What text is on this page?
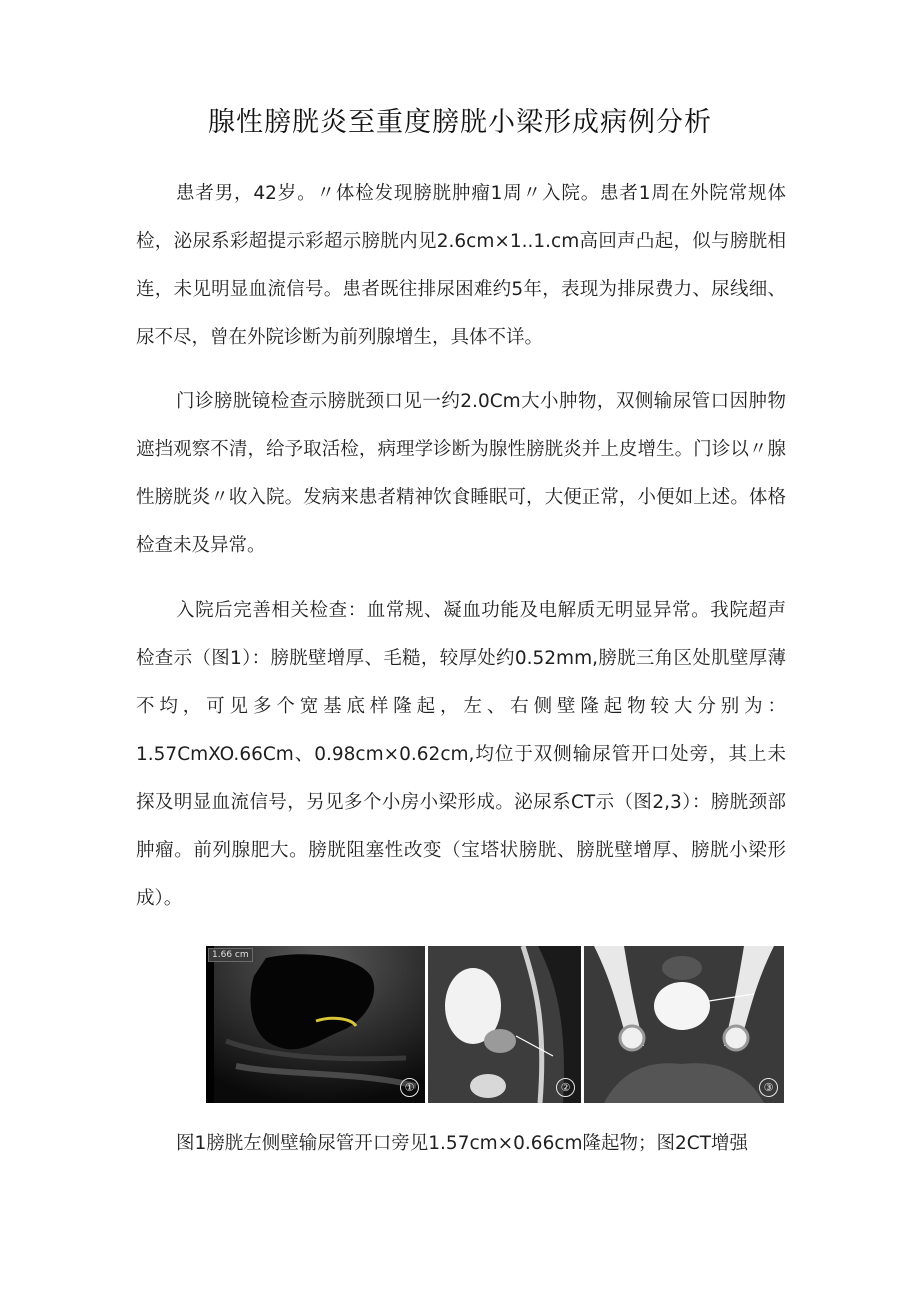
腺性膀胱炎至重度膀胱小梁形成病例分析

患者男，42岁。〃体检发现膀胱肿瘤1周〃入院。患者1周在外院常规体检，泌尿系彩超提示彩超示膀胱内见2.6cm×1..1.cm高回声凸起，似与膀胱相连，未见明显血流信号。患者既往排尿困难约5年，表现为排尿费力、尿线细、尿不尽，曾在外院诊断为前列腺增生，具体不详。

门诊膀胱镜检查示膀胱颈口见一约2.0Cm大小肿物，双侧输尿管口因肿物遮挡观察不清，给予取活检，病理学诊断为腺性膀胱炎并上皮增生。门诊以〃腺性膀胱炎〃收入院。发病来患者精神饮食睡眠可，大便正常，小便如上述。体格检查未及异常。

入院后完善相关检查：血常规、凝血功能及电解质无明显异常。我院超声检查示（图1）：膀胱壁增厚、毛糙，较厚处约0.52mm,膀胱三角区处肌壁厚薄不均，可见多个宽基底样隆起，左、右侧壁隆起物较大分别为：1.57CmXO.66Cm、0.98cm×0.62cm,均位于双侧输尿管开口处旁，其上未探及明显血流信号，另见多个小房小梁形成。泌尿系CT示（图2,3）：膀胱颈部肿瘤。前列腺肥大。膀胱阻塞性改变（宝塔状膀胱、膀胱壁增厚、膀胱小梁形成）。

1.66 cm
①	②	③

图1膀胱左侧壁输尿管开口旁见1.57cm×0.66cm隆起物；图2CT增强
